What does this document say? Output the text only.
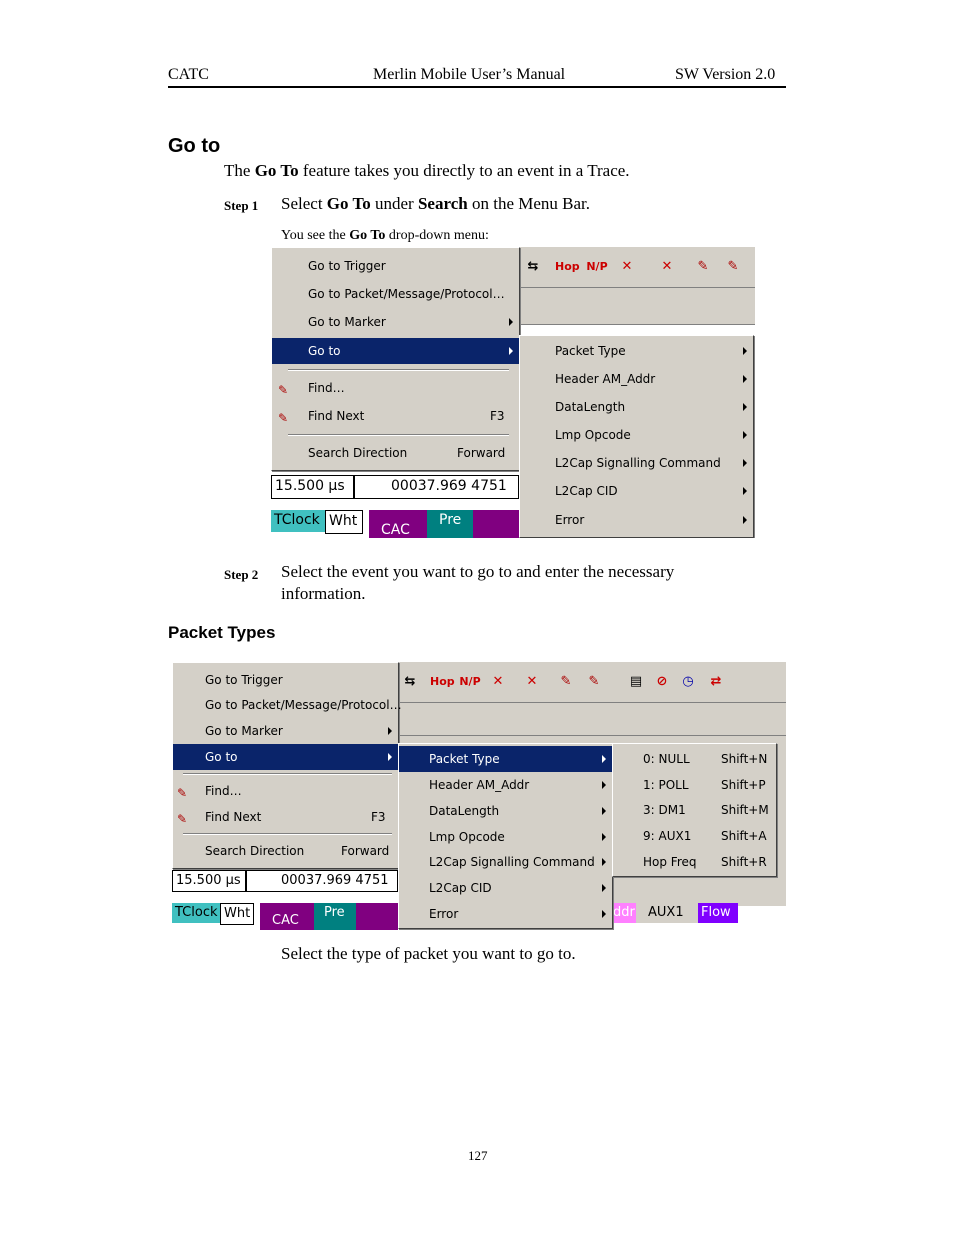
CATC	Merlin Mobile User’s Manual	SW Version 2.0
Go to
The Go To feature takes you directly to an event in a Trace.
Step 1 Select Go To under Search on the Menu Bar.
You see the Go To drop-down menu:
⇆	Hop N/P	✕	✕	✎	✎
Go to Trigger
Go to Packet/Message/Protocol…
Go to Marker
Go to
✎	Find…
✎	Find Next	F3
Search Direction	Forward
15.500 µs	00037.969 4751
TClock Wht
CAC
Pre
Packet Type
Header AM_Addr
DataLength
Lmp Opcode
L2Cap Signalling Command
L2Cap CID
Error
Step 2 Select the event you want to go to and enter the necessary
information.
Packet Types
⇆	Hop N/P ✕	✕	✎	✎	▤	⊘	◷	⇄
Go to Trigger
Go to Packet/Message/Protocol…
Go to Marker
Go to
✎	Find…
✎	Find Next	F3
Search Direction	Forward
15.500 µs	00037.969 4751
TClock Wht	CAC
Pre	ddr	AUX1	Flow
Packet Type
Header AM_Addr
DataLength
Lmp Opcode
L2Cap Signalling Command
L2Cap CID
Error
0: NULL	Shift+N
1: POLL	Shift+P
3: DM1	Shift+M
9: AUX1 Shift+A
Hop Freq Shift+R
Select the type of packet you want to go to.
127
